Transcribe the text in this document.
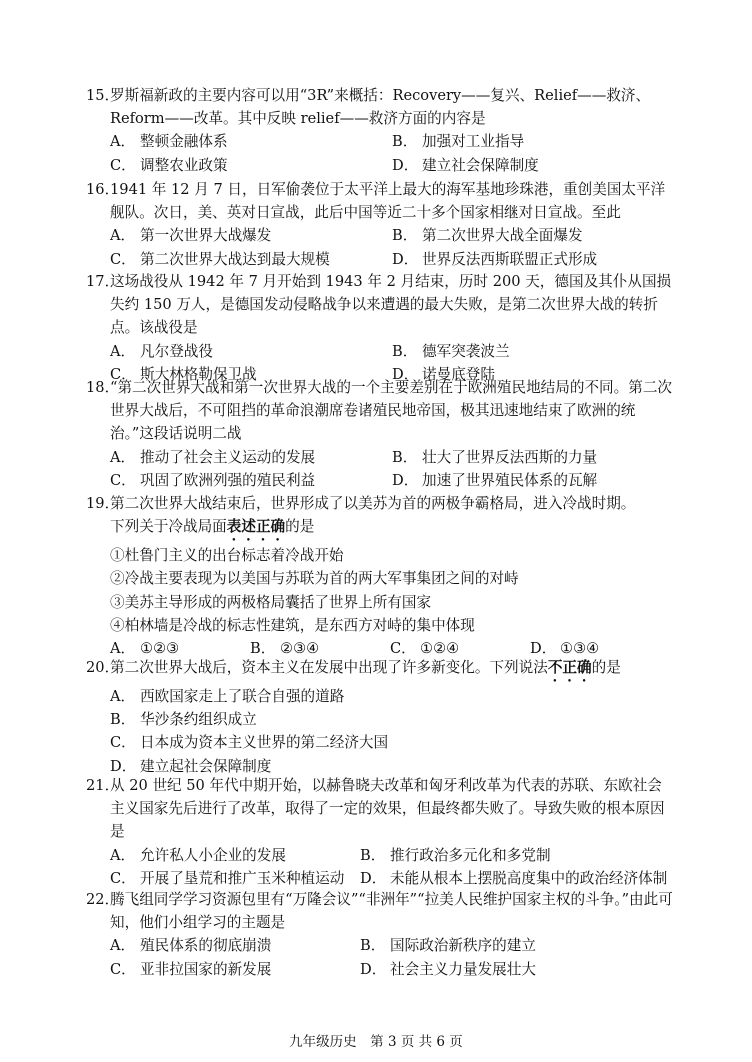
15．罗斯福新政的主要内容可以用“3R”来概括：Recovery——复兴、Relief——救济、Reform——改革。其中反映 relief——救济方面的内容是
A． 整顿金融体系	B． 加强对工业指导
C． 调整农业政策	D． 建立社会保障制度
16．1941 年 12 月 7 日，日军偷袭位于太平洋上最大的海军基地珍珠港，重创美国太平洋舰队。次日，美、英对日宣战，此后中国等近二十多个国家相继对日宣战。至此
A． 第一次世界大战爆发	B． 第二次世界大战全面爆发
C． 第二次世界大战达到最大规模	D． 世界反法西斯联盟正式形成
17．这场战役从 1942 年 7 月开始到 1943 年 2 月结束，历时 200 天，德国及其仆从国损失约 150 万人，是德国发动侵略战争以来遭遇的最大失败，是第二次世界大战的转折点。该战役是
A． 凡尔登战役	B． 德军突袭波兰
C． 斯大林格勒保卫战	D． 诺曼底登陆
18．“第二次世界大战和第一次世界大战的一个主要差别在于欧洲殖民地结局的不同。第二次世界大战后，不可阻挡的革命浪潮席卷诸殖民地帝国，极其迅速地结束了欧洲的统治。”这段话说明二战
A． 推动了社会主义运动的发展	B． 壮大了世界反法西斯的力量
C． 巩固了欧洲列强的殖民利益	D． 加速了世界殖民体系的瓦解
19．第二次世界大战结束后，世界形成了以美苏为首的两极争霸格局，进入冷战时期。
下列关于冷战局面表述正确的是
①杜鲁门主义的出台标志着冷战开始
②冷战主要表现为以美国与苏联为首的两大军事集团之间的对峙
③美苏主导形成的两极格局囊括了世界上所有国家
④柏林墙是冷战的标志性建筑，是东西方对峙的集中体现
A． ①②③	B． ②③④	C． ①②④	D． ①③④
20．第二次世界大战后，资本主义在发展中出现了许多新变化。下列说法不正确的是
A． 西欧国家走上了联合自强的道路
B． 华沙条约组织成立
C． 日本成为资本主义世界的第二经济大国
D． 建立起社会保障制度
21．从 20 世纪 50 年代中期开始，以赫鲁晓夫改革和匈牙利改革为代表的苏联、东欧社会主义国家先后进行了改革，取得了一定的效果，但最终都失败了。导致失败的根本原因是
A． 允许私人小企业的发展	B． 推行政治多元化和多党制
C． 开展了垦荒和推广玉米种植运动	D． 未能从根本上摆脱高度集中的政治经济体制
22．腾飞组同学学习资源包里有“万隆会议”“非洲年”“拉美人民维护国家主权的斗争。”由此可知，他们小组学习的主题是
A． 殖民体系的彻底崩溃	B． 国际政治新秩序的建立
C． 亚非拉国家的新发展	D． 社会主义力量发展壮大
九年级历史　第 3 页 共 6 页
